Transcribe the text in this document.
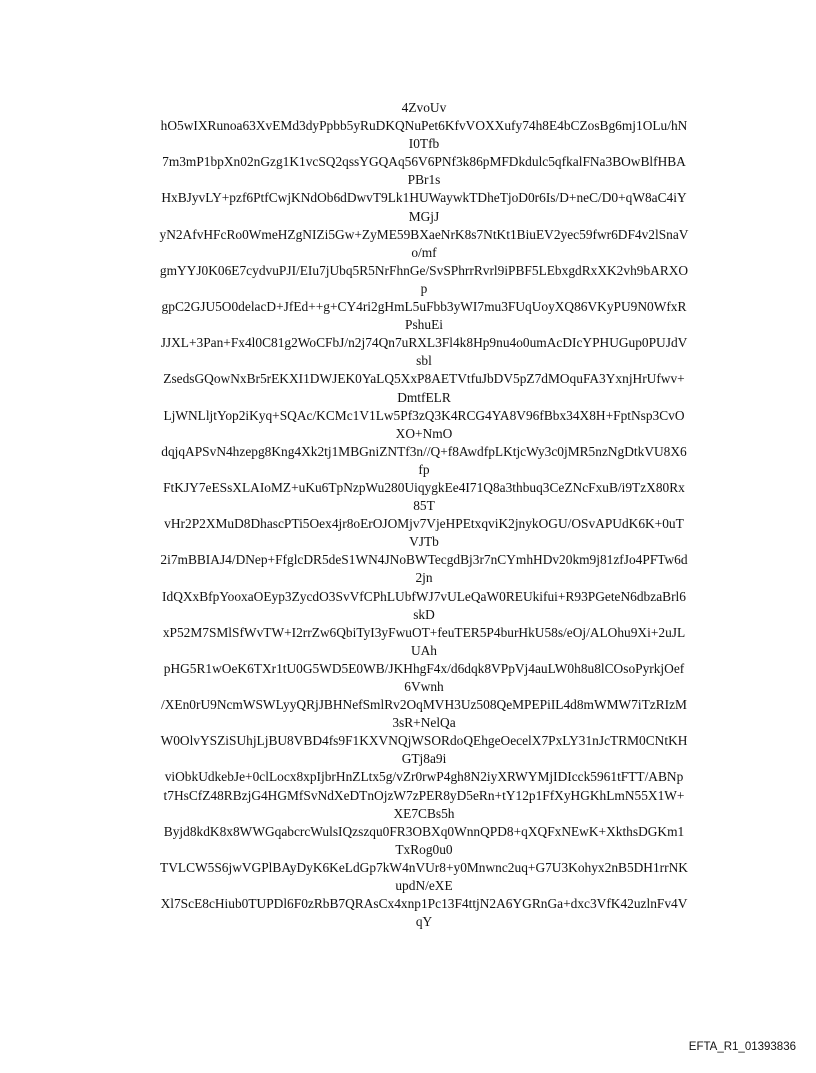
4ZvoUv
hO5wIXRunoa63XvEMd3dyPpbb5yRuDKQNuPet6KfvVOXXufy74h8E4bCZosBg6mj1OLu/hN
I0Tfb
7m3mP1bpXn02nGzg1K1vcSQ2qssYGQAq56V6PNf3k86pMFDkdulc5qfkalFNa3BOwBlfHBA
PBr1s
HxBJyvLY+pzf6PtfCwjKNdOb6dDwvT9Lk1HUWaywkTDheTjoD0r6Is/D+neC/D0+qW8aC4iY
MGjJ
yN2AfvHFcRo0WmeHZgNIZi5Gw+ZyME59BXaeNrK8s7NtKt1BiuEV2yec59fwr6DF4v2lSnaV
o/mf
gmYYJ0K06E7cydvuPJI/EIu7jUbq5R5NrFhnGe/SvSPhrrRvrl9iPBF5LEbxgdRxXK2vh9bARXO
p
gpC2GJU5O0delacD+JfEd++g+CY4ri2gHmL5uFbb3yWI7mu3FUqUoyXQ86VKyPU9N0WfxR
PshuEi
JJXL+3Pan+Fx4l0C81g2WoCFbJ/n2j74Qn7uRXL3Fl4k8Hp9nu4o0umAcDIcYPHUGup0PUJdV
sbl
ZsedsGQowNxBr5rEKXI1DWJEK0YaLQ5XxP8AETVtfuJbDV5pZ7dMOquFA3YxnjHrUfwv+
DmtfELR
LjWNLljtYop2iKyq+SQAc/KCMc1V1Lw5Pf3zQ3K4RCG4YA8V96fBbx34X8H+FptNsp3CvO
XO+NmO
dqjqAPSvN4hzepg8Kng4Xk2tj1MBGniZNTf3n//Q+f8AwdfpLKtjcWy3c0jMR5nzNgDtkVU8X6
fp
FtKJY7eESsXLAIoMZ+uKu6TpNzpWu280UiqygkEe4I71Q8a3thbuq3CeZNcFxuB/i9TzX80Rx
85T
vHr2P2XMuD8DhascPTi5Oex4jr8oErOJOMjv7VjeHPEtxqviK2jnykOGU/OSvAPUdK6K+0uT
VJTb
2i7mBBIAJ4/DNep+FfglcDR5deS1WN4JNoBWTecgdBj3r7nCYmhHDv20km9j81zfJo4PFTw6d
2jn
IdQXxBfpYooxaOEyp3ZycdO3SvVfCPhLUbfWJ7vULeQaW0REUkifui+R93PGeteN6dbzaBrl6
skD
xP52M7SMlSfWvTW+I2rrZw6QbiTyI3yFwuOT+feuTER5P4burHkU58s/eOj/ALOhu9Xi+2uJL
UAh
pHG5R1wOeK6TXr1tU0G5WD5E0WB/JKHhgF4x/d6dqk8VPpVj4auLW0h8u8lCOsoPyrkjOef
6Vwnh
/XEn0rU9NcmWSWLyyQRjJBHNefSmlRv2OqMVH3Uz508QeMPEPiIL4d8mWMW7iTzRIzM
3sR+NelQa
W0OlvYSZiSUhjLjBU8VBD4fs9F1KXVNQjWSORdoQEhgeOecelX7PxLY31nJcTRM0CNtKH
GTj8a9i
viObkUdkebJe+0clLocx8xpIjbrHnZLtx5g/vZr0rwP4gh8N2iyXRWYMjIDIcck5961tFTT/ABNp
t7HsCfZ48RBzjG4HGMfSvNdXeDTnOjzW7zPER8yD5eRn+tY12p1FfXyHGKhLmN55X1W+
XE7CBs5h
Byjd8kdK8x8WWGqabcrcWulsIQzszqu0FR3OBXq0WnnQPD8+qXQFxNEwK+XkthsDGKm1
TxRog0u0
TVLCW5S6jwVGPlBAyDyK6KeLdGp7kW4nVUr8+y0Mnwnc2uq+G7U3Kohyx2nB5DH1rrNK
updN/eXE
Xl7ScE8cHiub0TUPDl6F0zRbB7QRAsCx4xnp1Pc13F4ttjN2A6YGRnGa+dxc3VfK42uzlnFv4V
qY
EFTA_R1_01393836
